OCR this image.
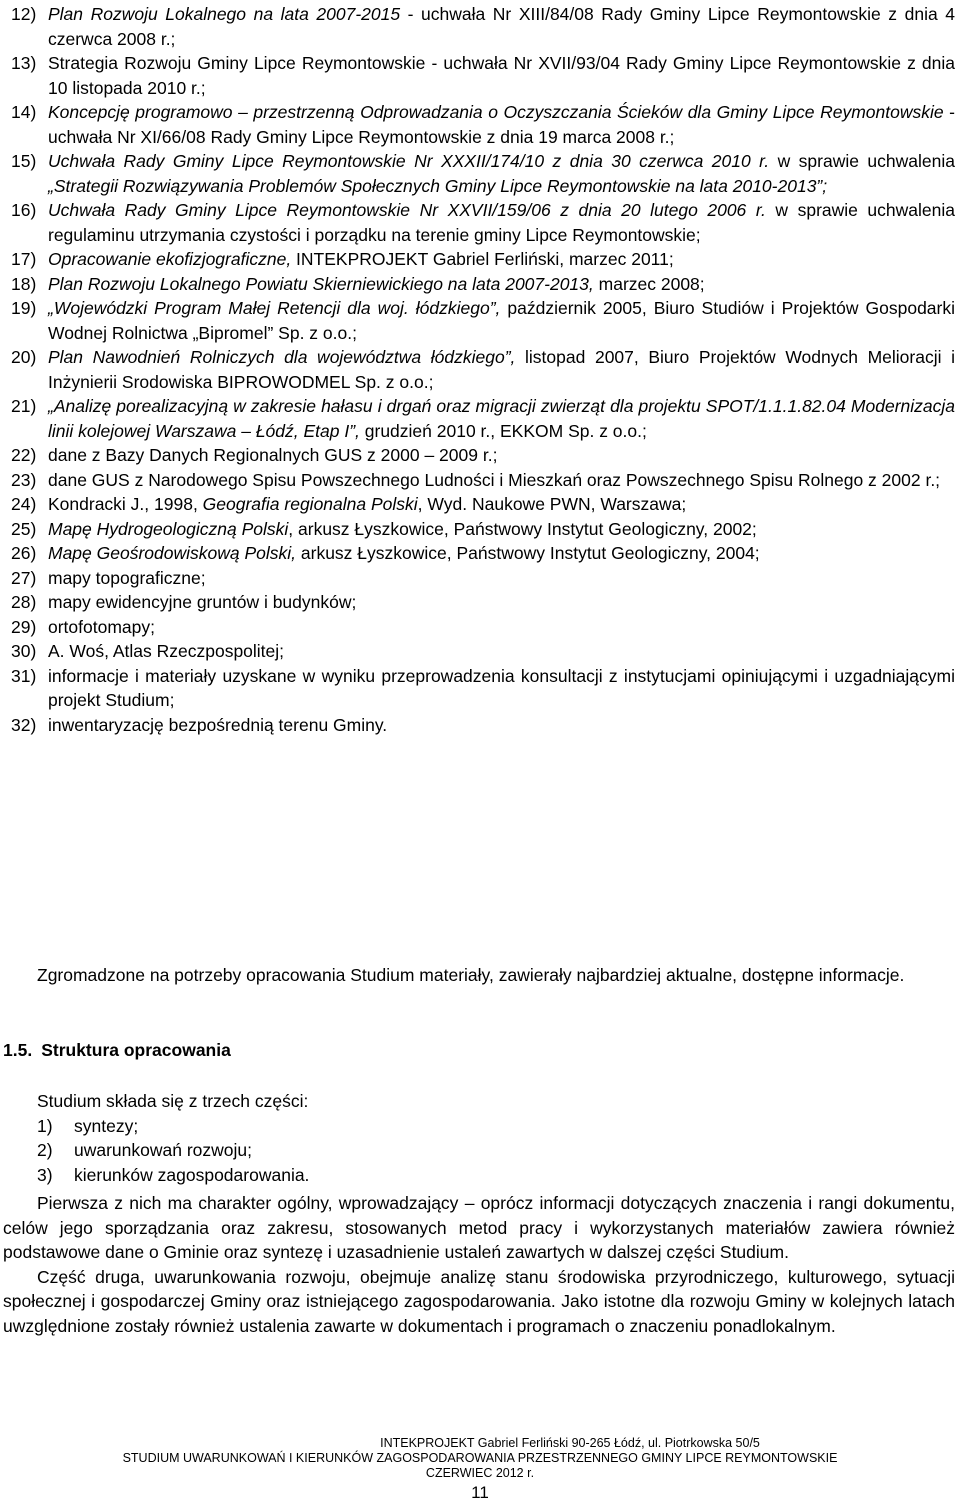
12) Plan Rozwoju Lokalnego na lata 2007-2015 - uchwała Nr XIII/84/08 Rady Gminy Lipce Reymontowskie z dnia 4 czerwca 2008 r.;
13) Strategia Rozwoju Gminy Lipce Reymontowskie - uchwała Nr XVII/93/04 Rady Gminy Lipce Reymontowskie z dnia 10 listopada 2010 r.;
14) Koncepcję programowo – przestrzenną Odprowadzania o Oczyszczania Ścieków dla Gminy Lipce Reymontowskie - uchwała Nr XI/66/08 Rady Gminy Lipce Reymontowskie z dnia 19 marca 2008 r.;
15) Uchwała Rady Gminy Lipce Reymontowskie Nr XXXII/174/10 z dnia 30 czerwca 2010 r. w sprawie uchwalenia „Strategii Rozwiązywania Problemów Społecznych Gminy Lipce Reymontowskie na lata 2010-2013”;
16) Uchwała Rady Gminy Lipce Reymontowskie Nr XXVII/159/06 z dnia 20 lutego 2006 r. w sprawie uchwalenia regulaminu utrzymania czystości i porządku na terenie gminy Lipce Reymontowskie;
17) Opracowanie ekofizjograficzne, INTEKPROJEKT Gabriel Ferliński, marzec 2011;
18) Plan Rozwoju Lokalnego Powiatu Skierniewickiego na lata 2007-2013, marzec 2008;
19) „Wojewódzki Program Małej Retencji dla woj. łódzkiego”, październik 2005, Biuro Studiów i Projektów Gospodarki Wodnej Rolnictwa „Bipromel” Sp. z o.o.;
20) Plan Nawodnień Rolniczych dla województwa łódzkiego”, listopad 2007, Biuro Projektów Wodnych Melioracji i Inżynierii Srodowiska BIPROWODMEL Sp. z o.o.;
21) „Analizę porealizacyjną w zakresie hałasu i drgań oraz migracji zwierząt dla projektu SPOT/1.1.1.82.04 Modernizacja linii kolejowej Warszawa – Łódź, Etap I”, grudzień 2010 r., EKKOM Sp. z o.o.;
22) dane z Bazy Danych Regionalnych GUS z 2000 – 2009 r.;
23) dane GUS z Narodowego Spisu Powszechnego Ludności i Mieszkań oraz Powszechnego Spisu Rolnego z 2002 r.;
24) Kondracki J., 1998, Geografia regionalna Polski, Wyd. Naukowe PWN, Warszawa;
25) Mapę Hydrogeologiczną Polski, arkusz Łyszkowice, Państwowy Instytut Geologiczny, 2002;
26) Mapę Geośrodowiskową Polski, arkusz Łyszkowice, Państwowy Instytut Geologiczny, 2004;
27) mapy topograficzne;
28) mapy ewidencyjne gruntów i budynków;
29) ortofotomapy;
30) A. Woś, Atlas Rzeczpospolitej;
31) informacje i materiały uzyskane w wyniku przeprowadzenia konsultacji z instytucjami opiniującymi i uzgadniającymi projekt Studium;
32) inwentaryzację bezpośrednią terenu Gminy.
Zgromadzone na potrzeby opracowania Studium materiały, zawierały najbardziej aktualne, dostępne informacje.
1.5. Struktura opracowania
Studium składa się z trzech części:
1)	syntezy;
2)	uwarunkowań rozwoju;
3)	kierunków zagospodarowania.

Pierwsza z nich ma charakter ogólny, wprowadzający – oprócz informacji dotyczących znaczenia i rangi dokumentu, celów jego sporządzania oraz zakresu, stosowanych metod pracy i wykorzystanych materiałów zawiera również podstawowe dane o Gminie oraz syntezę i uzasadnienie ustaleń zawartych w dalszej części Studium.

Część druga, uwarunkowania rozwoju, obejmuje analizę stanu środowiska przyrodniczego, kulturowego, sytuacji społecznej i gospodarczej Gminy oraz istniejącego zagospodarowania. Jako istotne dla rozwoju Gminy w kolejnych latach uwzględnione zostały również ustalenia zawarte w dokumentach i programach o znaczeniu ponadlokalnym.

INTEKPROJEKT Gabriel Ferliński 90-265 Łódź, ul. Piotrkowska 50/5
STUDIUM UWARUNKOWAŃ I KIERUNKÓW ZAGOSPODAROWANIA PRZESTRZENNEGO GMINY LIPCE REYMONTOWSKIE
CZERWIEC 2012 r.
11
